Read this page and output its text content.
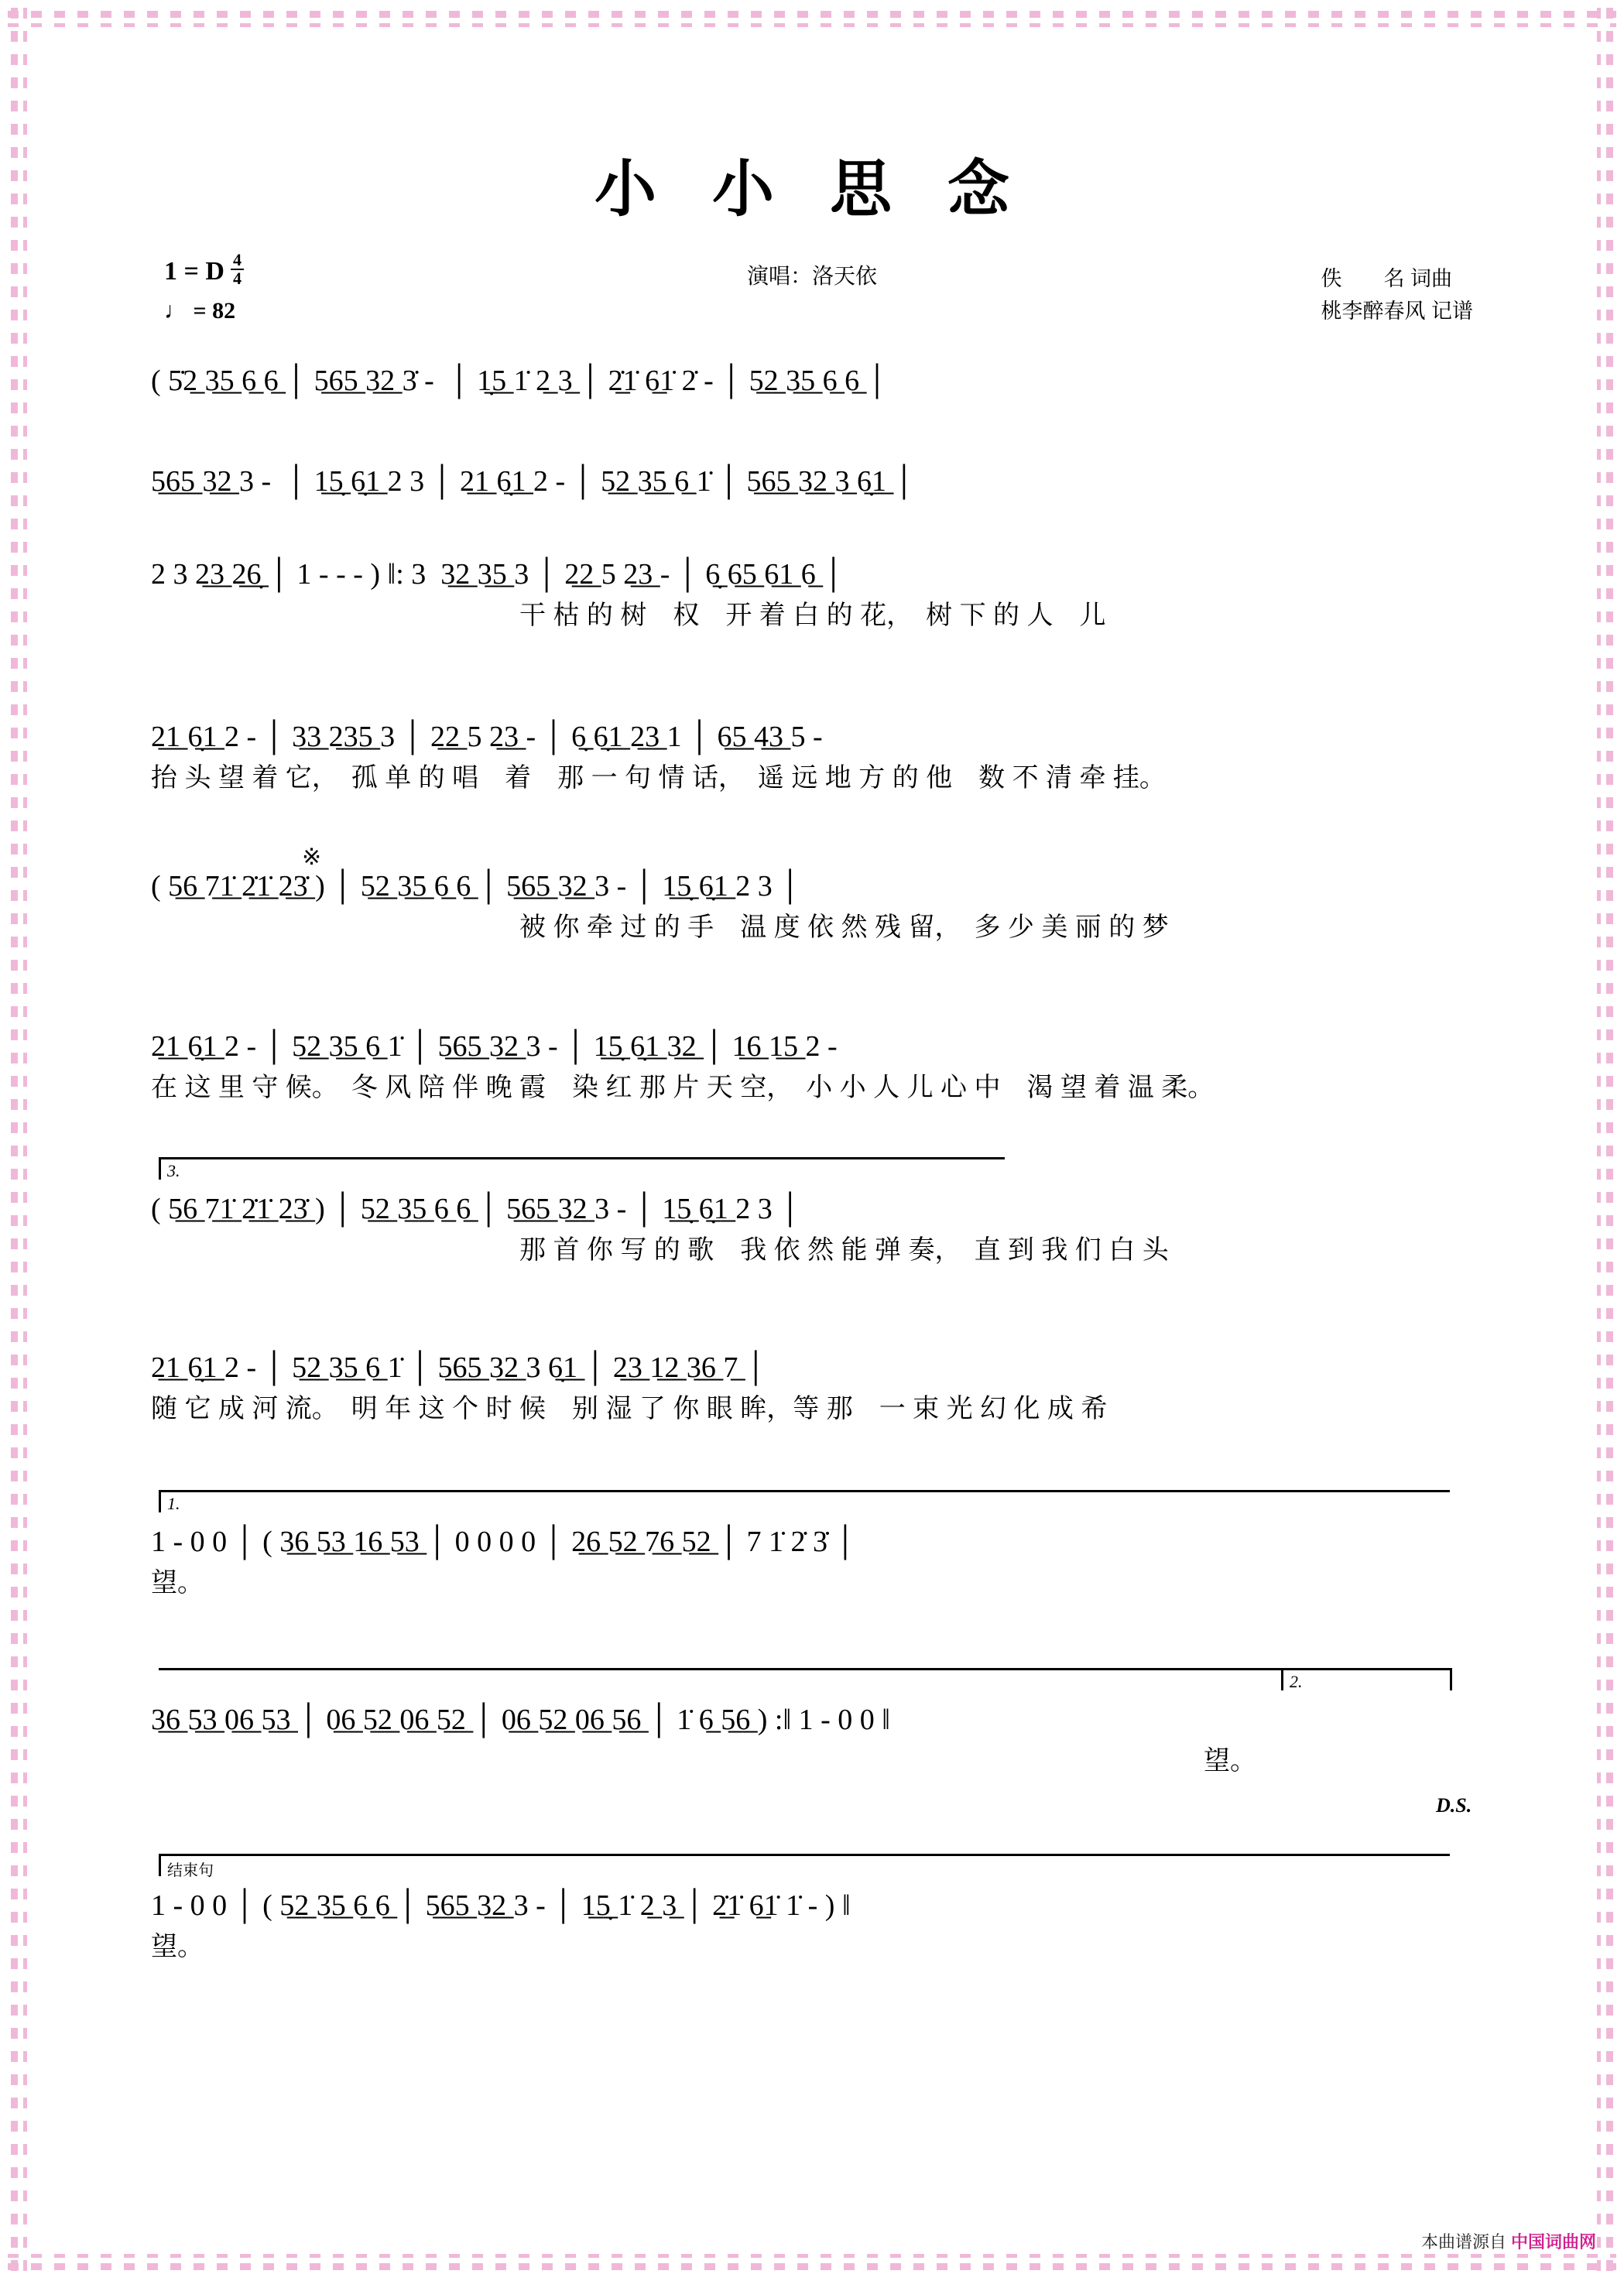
小 小 思 念
演唱：洛天依
1 = D $\frac{4}{4}$
♩ = 82
佚　　名 词曲
桃李醉春风 记谱
( 5̇2̲ 3̲5̲ 6̲ 6̲ │ 5̲6̲5̲ 3̲2̲ 3̇ -  │ 1̣̲5̲ 1̇ 2̲ 3̲ │ 2̲̇1̇ 6̲1̇ 2̇ - │ 5̲2̲ 3̲5̲ 6̲ 6̲ │
5̲6̲5̲ 3̲2̲ 3 -  │ 1̲5̣̲ 6̣̲1̲ 2 3 │ 2̲1̲ 6̣̲1̲ 2 - │ 5̲2̲ 3̲5̲ 6̲ 1̇ │ 5̲6̲5̲ 3̲2̲ 3̲ 6̣̲1̲ │
2 3 2̲3̲ 2̲6̣̲ │ 1 - - - ) ‖: 3  3̲2̲ 3̲5̲ 3 │ 2̲2̲ 5 2̲3̲ - │ 6̣̲ 6̲5̲ 6̲1̲ 6̲ │
　　　　　　　　　　　　　　干 枯 的 树　权　开 着 白 的 花，　树 下 的 人　儿
2̲1̲ 6̣̲1̲ 2 - │ 3̲3̲ 2̲3̲5̲ 3 │ 2̲2̲ 5 2̲3̲ - │ 6̣̲ 6̣̲1̲ 2̲3̲ 1 │ 6̲5̲ 4̲3̲ 5 -
抬 头 望 着 它，　孤 单 的 唱　着　那 一 句 情 话，　遥 远 地 方 的 他　数 不 清 牵 挂。
※
( 5̲6̲ 7̲1̲̇ 2̲̇1̲̇ 2̲3̲̇ ) │ 5̲2̲ 3̲5̲ 6̲ 6̲ │ 5̲6̲5̲ 3̲2̲ 3 - │ 1̲5̣̲ 6̣̲1̲ 2 3 │
　　　　　　　　　　　　　　被 你 牵 过 的 手　温 度 依 然 残 留，　多 少 美 丽 的 梦
2̲1̲ 6̣̲1̲ 2 - │ 5̲2̲ 3̲5̲ 6̲ 1̇ │ 5̲6̲5̲ 3̲2̲ 3 - │ 1̲5̣̲ 6̣̲1̲ 3̲2̲ │ 1̲6̲ 1̲5̲ 2 -
在 这 里 守 候。　冬 风 陪 伴 晚 霞　染 红 那 片 天 空，　小 小 人 儿 心 中　渴 望 着 温 柔。
3.
( 5̲6̲ 7̲1̲̇ 2̲̇1̲̇ 2̲3̲̇ ) │ 5̲2̲ 3̲5̲ 6̲ 6̲ │ 5̲6̲5̲ 3̲2̲ 3 - │ 1̲5̣̲ 6̣̲1̲ 2 3 │
　　　　　　　　　　　　　　那 首 你 写 的 歌　我 依 然 能 弹 奏，　直 到 我 们 白 头
2̲1̲ 6̣̲1̲ 2 - │ 5̲2̲ 3̲5̲ 6̲ 1̇ │ 5̲6̲5̲ 3̲2̲ 3 6̣̲1̲ │ 2̲3̲ 1̲2̲ 3̲6̲ 7̲ │
随 它 成 河 流。　明 年 这 个 时 候　别 湿 了 你 眼 眸，等 那　一 束 光 幻 化 成 希
1.
1 - 0 0 │ ( 3̲6̲ 5̲3̲ 1̲6̲ 5̲3̲ │ 0 0 0 0 │ 2̲6̲ 5̲2̲ 7̲6̲ 5̲2̲ │ 7 1̇ 2̇ 3̇ │
望。
2.
3̲6̲ 5̲3̲ 0̲6̲ 5̲3̲ │ 0̲6̲ 5̲2̲ 0̲6̲ 5̲2̲ │ 0̲6̲ 5̲2̲ 0̲6̲ 5̲6̲ │ 1̇ 6̲ 5̲6̲ ) :‖ 1 - 0 0 ‖
　　　　　　　　　　　　　　　　　　　　　　　　　　　　　　　　　　　　　　　　望。
D.S.
结束句
1 - 0 0 │ ( 5̲2̲ 3̲5̲ 6̲ 6̲ │ 5̲6̲5̲ 3̲2̲ 3 - │ 1̲5̣̲ 1̇ 2̲ 3̲ │ 2̲̇1̇ 6̲1̇ 1̇ - ) ‖
望。
本曲谱源自 中国词曲网
